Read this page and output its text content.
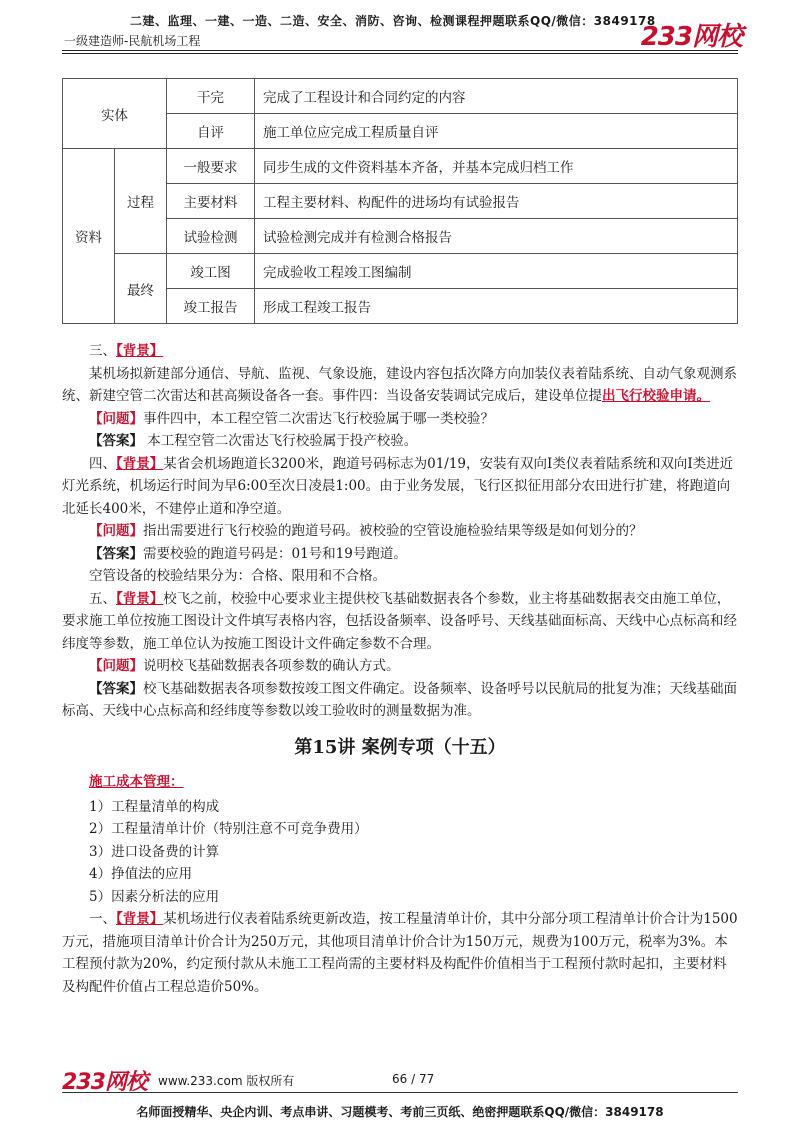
二建、监理、一建、一造、二造、安全、消防、咨询、检测课程押题联系QQ/微信：3849178
一级建造师-民航机场工程	233网校
实体		干完	完成了工程设计和合同约定的内容
		自评	施工单位应完成工程质量自评
资料	过程	一般要求	同步生成的文件资料基本齐备，并基本完成归档工作
		主要材料	工程主要材料、构配件的进场均有试验报告
		试验检测	试验检测完成并有检测合格报告
	最终	竣工图	完成验收工程竣工图编制
		竣工报告	形成工程竣工报告

三、【背景】

某机场拟新建部分通信、导航、监视、气象设施，建设内容包括次降方向加装仪表着陆系统、自动气象观测系统、新建空管二次雷达和甚高频设备各一套。事件四：当设备安装调试完成后，建设单位提出飞行校验申请。

【问题】事件四中，本工程空管二次雷达飞行校验属于哪一类校验？

【答案】 本工程空管二次雷达飞行校验属于投产校验。

四、【背景】某省会机场跑道长3200米，跑道号码标志为01/19，安装有双向I类仪表着陆系统和双向I类进近灯光系统，机场运行时间为早6:00至次日凌晨1:00。由于业务发展，飞行区拟征用部分农田进行扩建，将跑道向北延长400米，不建停止道和净空道。

【问题】指出需要进行飞行校验的跑道号码。被校验的空管设施检验结果等级是如何划分的？

【答案】需要校验的跑道号码是：01号和19号跑道。

空管设备的校验结果分为：合格、限用和不合格。

五、【背景】校飞之前，校验中心要求业主提供校飞基础数据表各个参数，业主将基础数据表交由施工单位，要求施工单位按施工图设计文件填写表格内容，包括设备频率、设备呼号、天线基础面标高、天线中心点标高和经纬度等参数，施工单位认为按施工图设计文件确定参数不合理。

【问题】说明校飞基础数据表各项参数的确认方式。

【答案】校飞基础数据表各项参数按竣工图文件确定。设备频率、设备呼号以民航局的批复为准；天线基础面标高、天线中心点标高和经纬度等参数以竣工验收时的测量数据为准。

第15讲 案例专项（十五）

施工成本管理：

1）工程量清单的构成

2）工程量清单计价（特别注意不可竞争费用）

3）进口设备费的计算

4）挣值法的应用

5）因素分析法的应用

一、【背景】某机场进行仪表着陆系统更新改造，按工程量清单计价，其中分部分项工程清单计价合计为1500万元，措施项目清单计价合计为250万元，其他项目清单计价合计为150万元，规费为100万元，税率为3%。本工程预付款为20%，约定预付款从未施工工程尚需的主要材料及构配件价值相当于工程预付款时起扣，主要材料及构配件价值占工程总造价50%。

233网校 www.233.com 版权所有	66 / 77
名师面授精华、央企内训、考点串讲、习题模考、考前三页纸、绝密押题联系QQ/微信：3849178
